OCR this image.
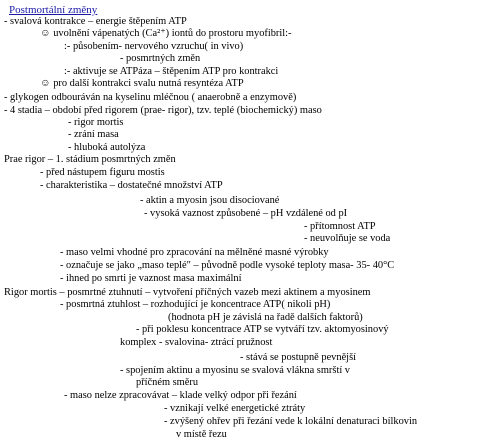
Postmortální změny
- svalová kontrakce – energie štěpením ATP
☺ uvolnění vápenatých (Ca²⁺) iontů do prostoru myofibril:-
:- působením- nervového vzruchu( in vivo)
- posmrtných změn
:- aktivuje se ATPáza – štěpením ATP pro kontrakci
☺ pro další kontrakci svalu nutná resyntéza ATP
- glykogen odbouráván na kyselinu mléčnou ( anaerobně a enzymově)
- 4 stadia – období před rigorem (prae- rigor), tzv. teplé (biochemický) maso
- rigor mortis
- zrání masa
- hluboká autolýza
Prae rigor – 1. stádium posmrtných změn
- před nástupem figuru mostis
- charakteristika – dostatečné množství ATP
- aktin a myosin jsou disociované
- vysoká vaznost způsobené – pH vzdálené od pI
- přítomnost ATP
- neuvolňuje se voda
- maso velmi vhodné pro zpracování na mělněné masné výrobky
- označuje se jako „maso teplé" – původně podle vysoké teploty masa- 35- 40°C
- ihned po smrti je vaznost masa maximální
Rigor mortis – posmrtné ztuhnutí – vytvoření příčných vazeb mezi aktinem a myosinem
- posmrtná ztuhlost – rozhodující je koncentrace ATP( nikoli pH)
(hodnota pH je závislá na řadě dalších faktorů)
- při poklesu koncentrace ATP se vytváří tzv. aktomyosinový
komplex - svalovina- ztrácí pružnost
- stává se postupně pevnější
- spojením aktinu a myosinu se svalová vlákna smrští v
příčném směru
- maso nelze zpracovávat – klade velký odpor při řezání
- vznikají velké energetické ztráty
- zvýšený ohřev při řezání vede k lokální denaturaci bílkovin
v místě řezu
